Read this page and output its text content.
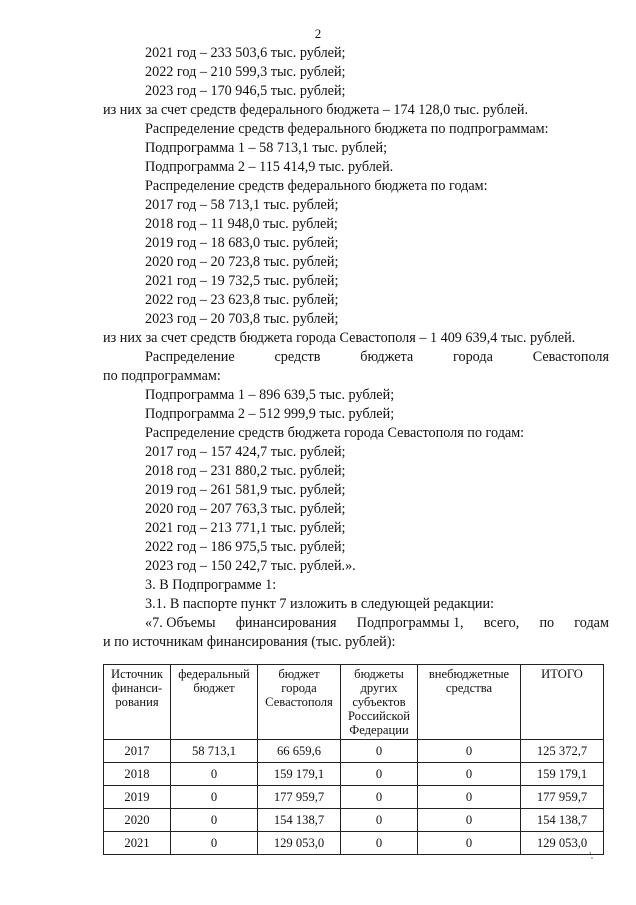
2
2021 год – 233 503,6 тыс. рублей;
2022 год – 210 599,3 тыс. рублей;
2023 год – 170 946,5 тыс. рублей;
из них за счет средств федерального бюджета – 174 128,0 тыс. рублей.
Распределение средств федерального бюджета по подпрограммам:
Подпрограмма 1 – 58 713,1 тыс. рублей;
Подпрограмма 2 – 115 414,9 тыс. рублей.
Распределение средств федерального бюджета по годам:
2017 год – 58 713,1 тыс. рублей;
2018 год – 11 948,0 тыс. рублей;
2019 год – 18 683,0 тыс. рублей;
2020 год – 20 723,8 тыс. рублей;
2021 год – 19 732,5 тыс. рублей;
2022 год – 23 623,8 тыс. рублей;
2023 год – 20 703,8 тыс. рублей;
из них за счет средств бюджета города Севастополя – 1 409 639,4 тыс. рублей.
Распределение	средств	бюджета	города	Севастополя
по подпрограммам:
Подпрограмма 1 – 896 639,5 тыс. рублей;
Подпрограмма 2 – 512 999,9 тыс. рублей;
Распределение средств бюджета города Севастополя по годам:
2017 год – 157 424,7 тыс. рублей;
2018 год – 231 880,2 тыс. рублей;
2019 год – 261 581,9 тыс. рублей;
2020 год – 207 763,3 тыс. рублей;
2021 год – 213 771,1 тыс. рублей;
2022 год – 186 975,5 тыс. рублей;
2023 год – 150 242,7 тыс. рублей.».
3. В Подпрограмме 1:
3.1. В паспорте пункт 7 изложить в следующей редакции:
«7. Объемы финансирования Подпрограммы 1, всего, по годам
и по источникам финансирования (тыс. рублей):
Источник финанси-рования	федеральный бюджет	бюджет города Севастополя	бюджеты других субъектов Российской Федерации	внебюджетные средства	ИТОГО
2017	58 713,1	66 659,6	0	0	125 372,7
2018	0	159 179,1	0	0	159 179,1
2019	0	177 959,7	0	0	177 959,7
2020	0	154 138,7	0	0	154 138,7
2021	0	129 053,0	0	0	129 053,0
`·
